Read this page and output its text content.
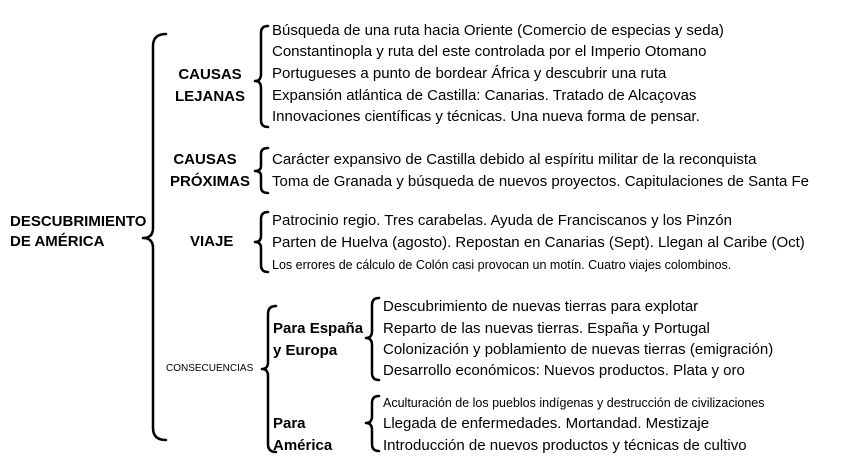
DESCUBRIMIENTO
DE AMÉRICA
CAUSAS
LEJANAS
Búsqueda de una ruta hacia Oriente (Comercio de especias y seda)
Constantinopla y ruta del este controlada por el Imperio Otomano
Portugueses a punto de bordear África y descubrir una ruta
Expansión atlántica de Castilla: Canarias. Tratado de Alcaçovas
Innovaciones científicas y técnicas. Una nueva forma de pensar.
CAUSAS
PRÓXIMAS
Carácter expansivo de Castilla debido al espíritu militar de la reconquista
Toma de Granada y búsqueda de nuevos proyectos. Capitulaciones de Santa Fe
VIAJE
Patrocinio regio. Tres carabelas. Ayuda de Franciscanos y los Pinzón
Parten de Huelva (agosto). Repostan en Canarias (Sept). Llegan al Caribe (Oct)
Los errores de cálculo de Colón casi provocan un motín. Cuatro viajes colombinos.
CONSECUENCIAS
Para España
y Europa
Descubrimiento de nuevas tierras para explotar
Reparto de las nuevas tierras. España y Portugal
Colonización y poblamiento de nuevas tierras (emigración)
Desarrollo económicos: Nuevos productos. Plata y oro
Para
América
Aculturación de los pueblos indígenas y destrucción de civilizaciones
Llegada de enfermedades. Mortandad. Mestizaje
Introducción de nuevos productos y técnicas de cultivo
